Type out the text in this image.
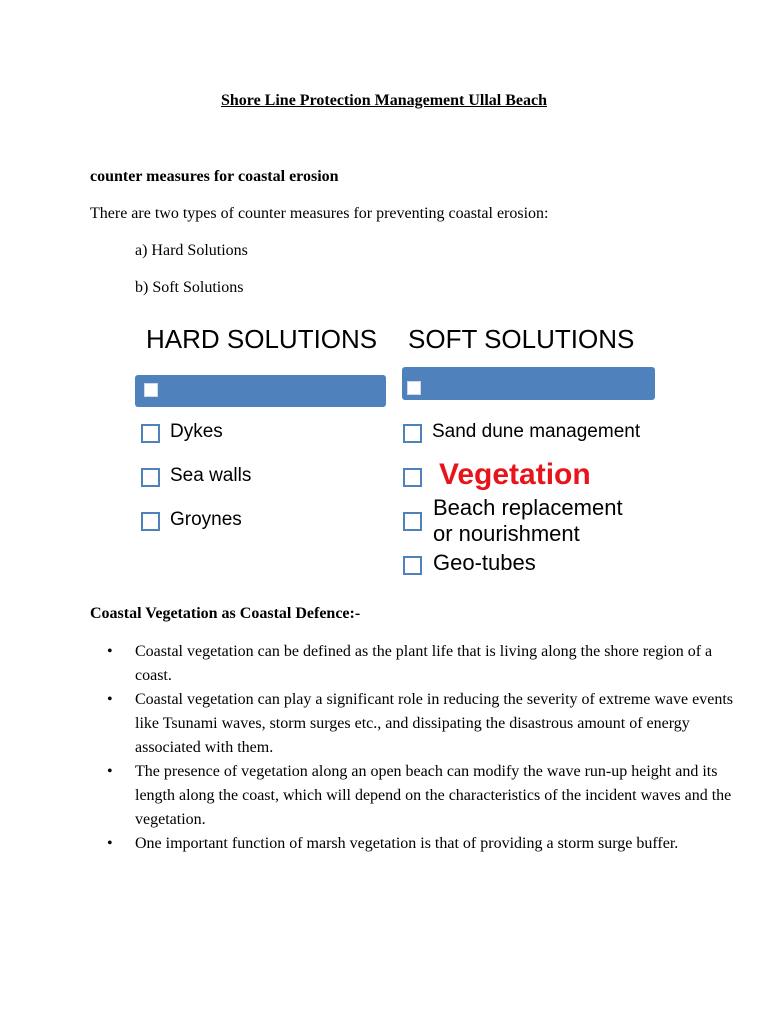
Shore Line Protection Management Ullal Beach
counter measures for coastal erosion
There are two types of counter measures for preventing coastal erosion:
a) Hard Solutions
b) Soft Solutions
HARD SOLUTIONS SOFT SOLUTIONS
Dykes
Sea walls
Groynes
Sand dune management
Vegetation
Beach replacement or nourishment
Geo-tubes
Coastal Vegetation as Coastal Defence:-
• Coastal vegetation can be defined as the plant life that is living along the shore region of a coast.
• Coastal vegetation can play a significant role in reducing the severity of extreme wave events like Tsunami waves, storm surges etc., and dissipating the disastrous amount of energy associated with them.
• The presence of vegetation along an open beach can modify the wave run-up height and its length along the coast, which will depend on the characteristics of the incident waves and the vegetation.
• One important function of marsh vegetation is that of providing a storm surge buffer.
